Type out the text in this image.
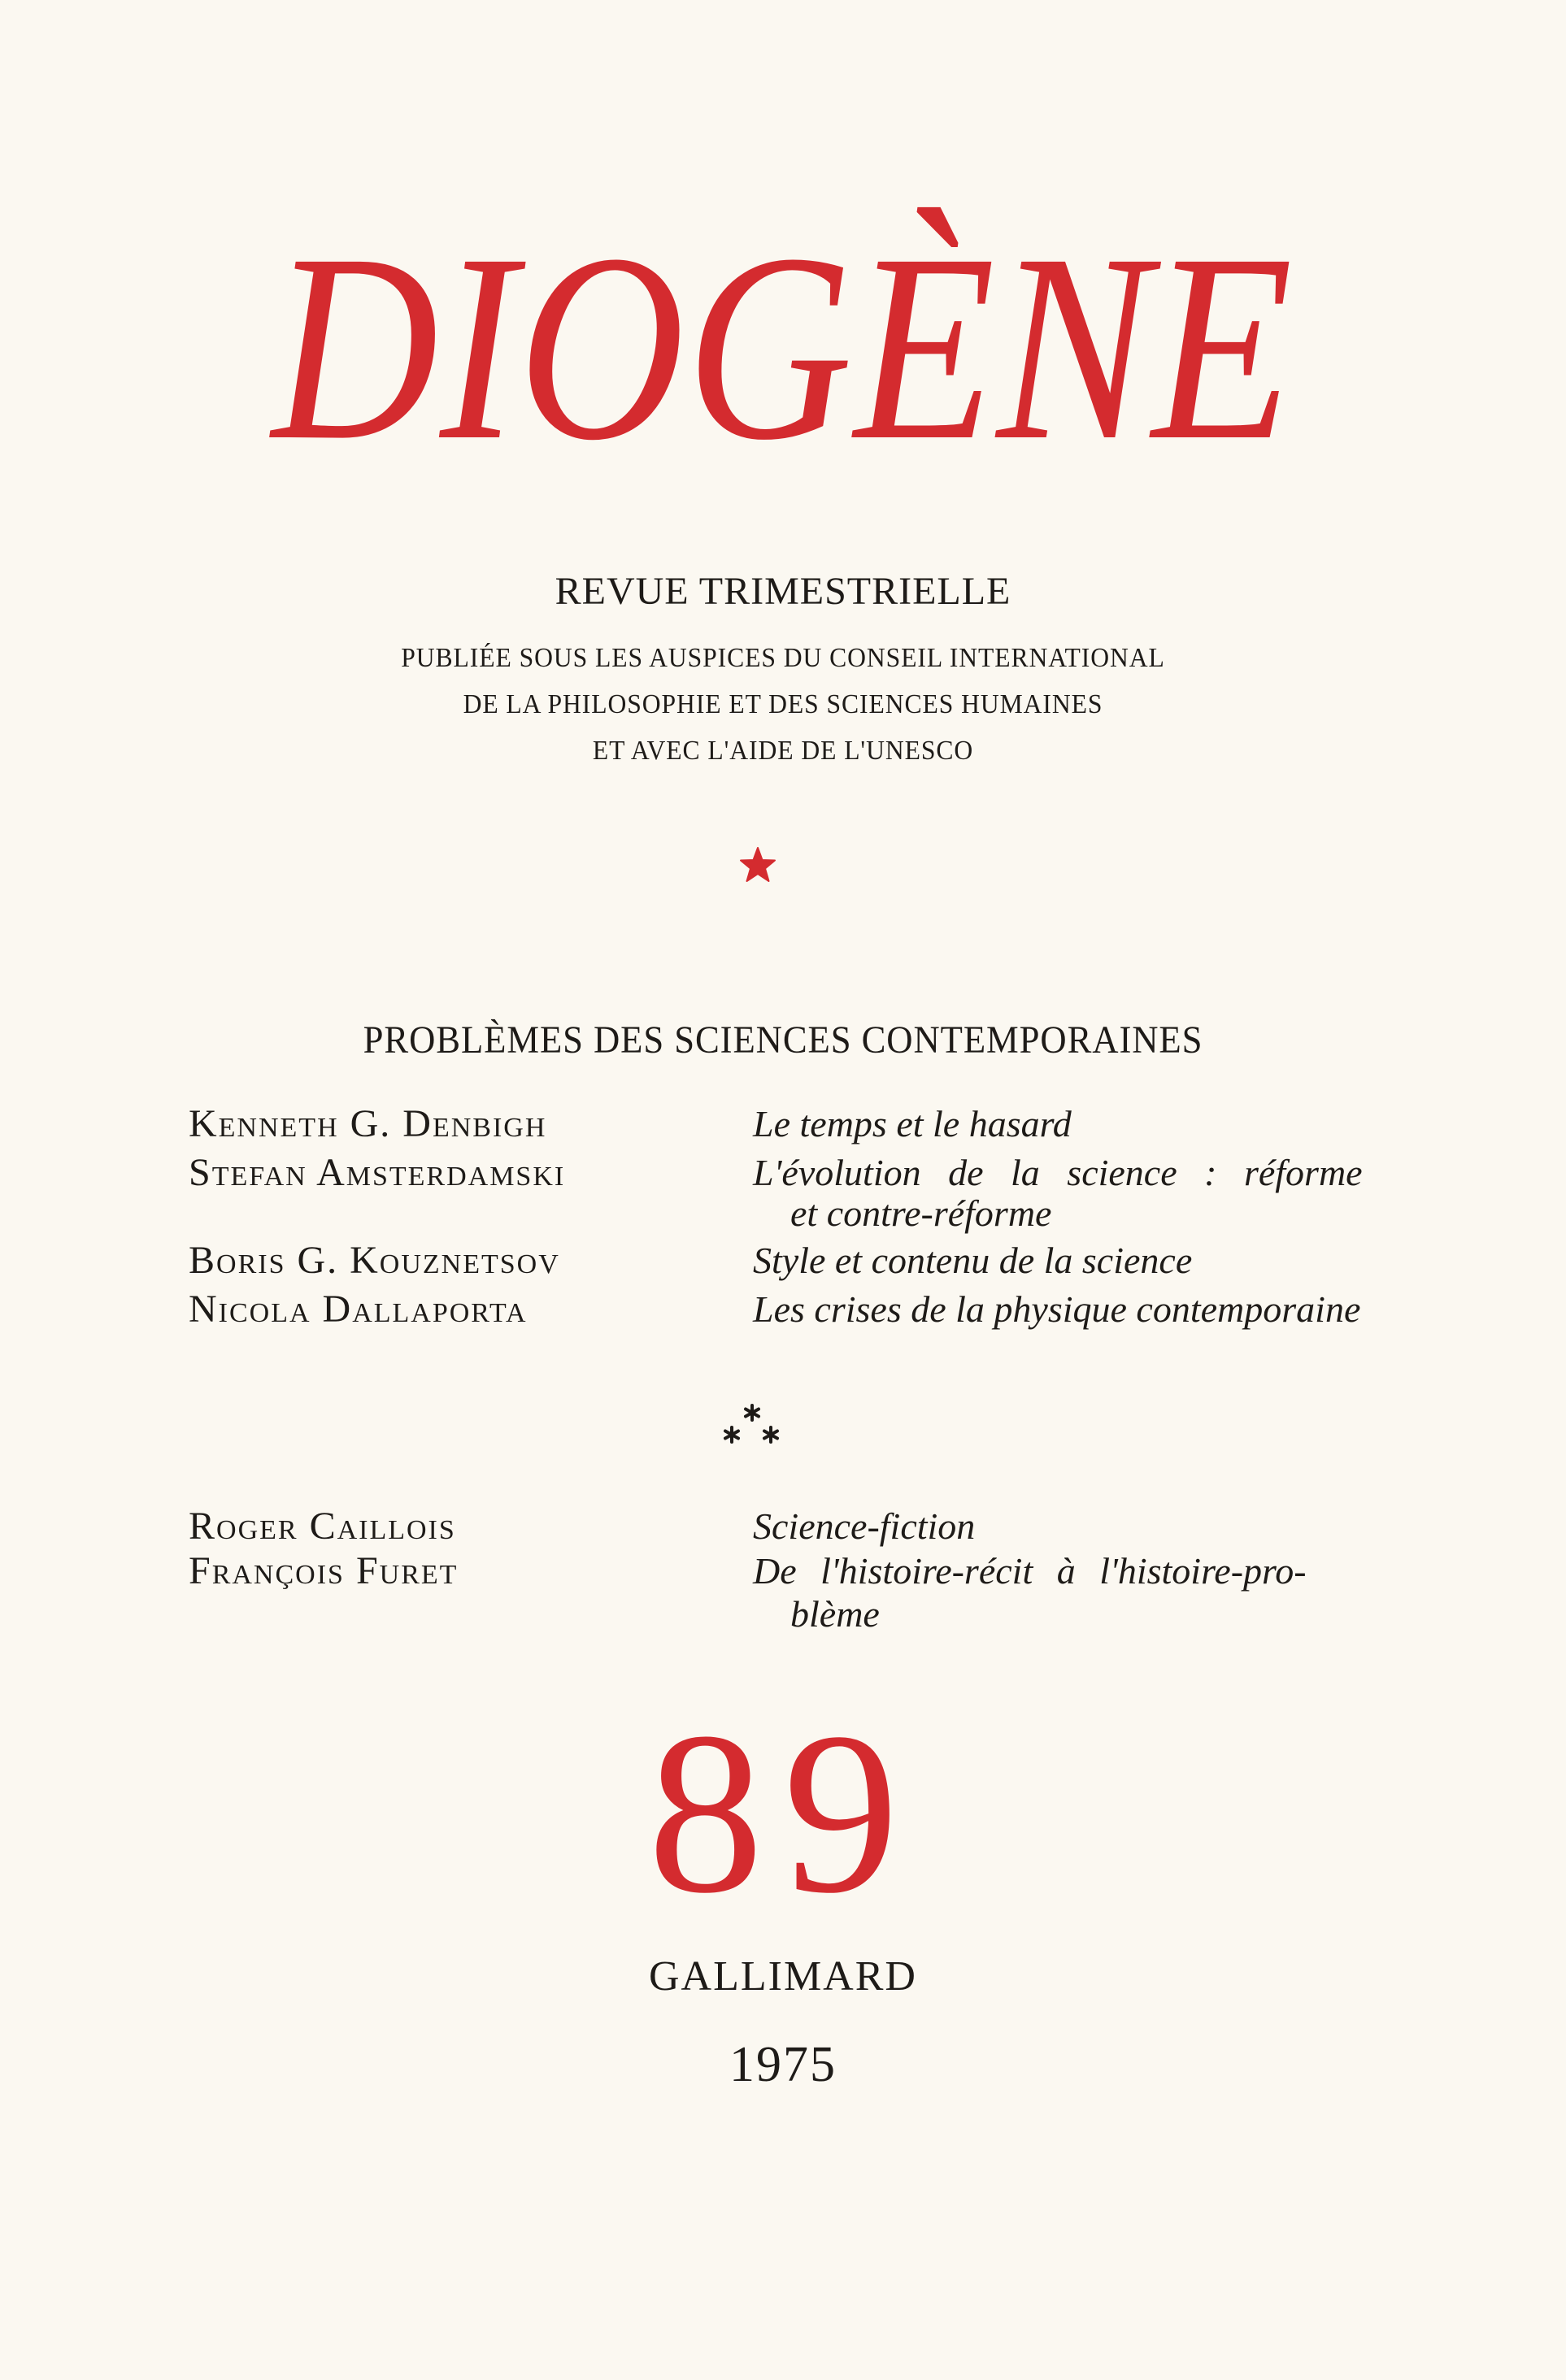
DIOGÈNE
REVUE TRIMESTRIELLE
PUBLIÉE SOUS LES AUSPICES DU CONSEIL INTERNATIONAL
DE LA PHILOSOPHIE ET DES SCIENCES HUMAINES
ET AVEC L'AIDE DE L'UNESCO
PROBLÈMES DES SCIENCES CONTEMPORAINES
Kenneth G. Denbigh	Le temps et le hasard
Stefan Amsterdamski	L'évolution de la science : réforme
et contre-réforme
Boris G. Kouznetsov	Style et contenu de la science
Nicola Dallaporta	Les crises de la physique contemporaine
Roger Caillois	Science-fiction
François Furet	De l'histoire-récit à l'histoire-pro-
blème
89
GALLIMARD
1975
